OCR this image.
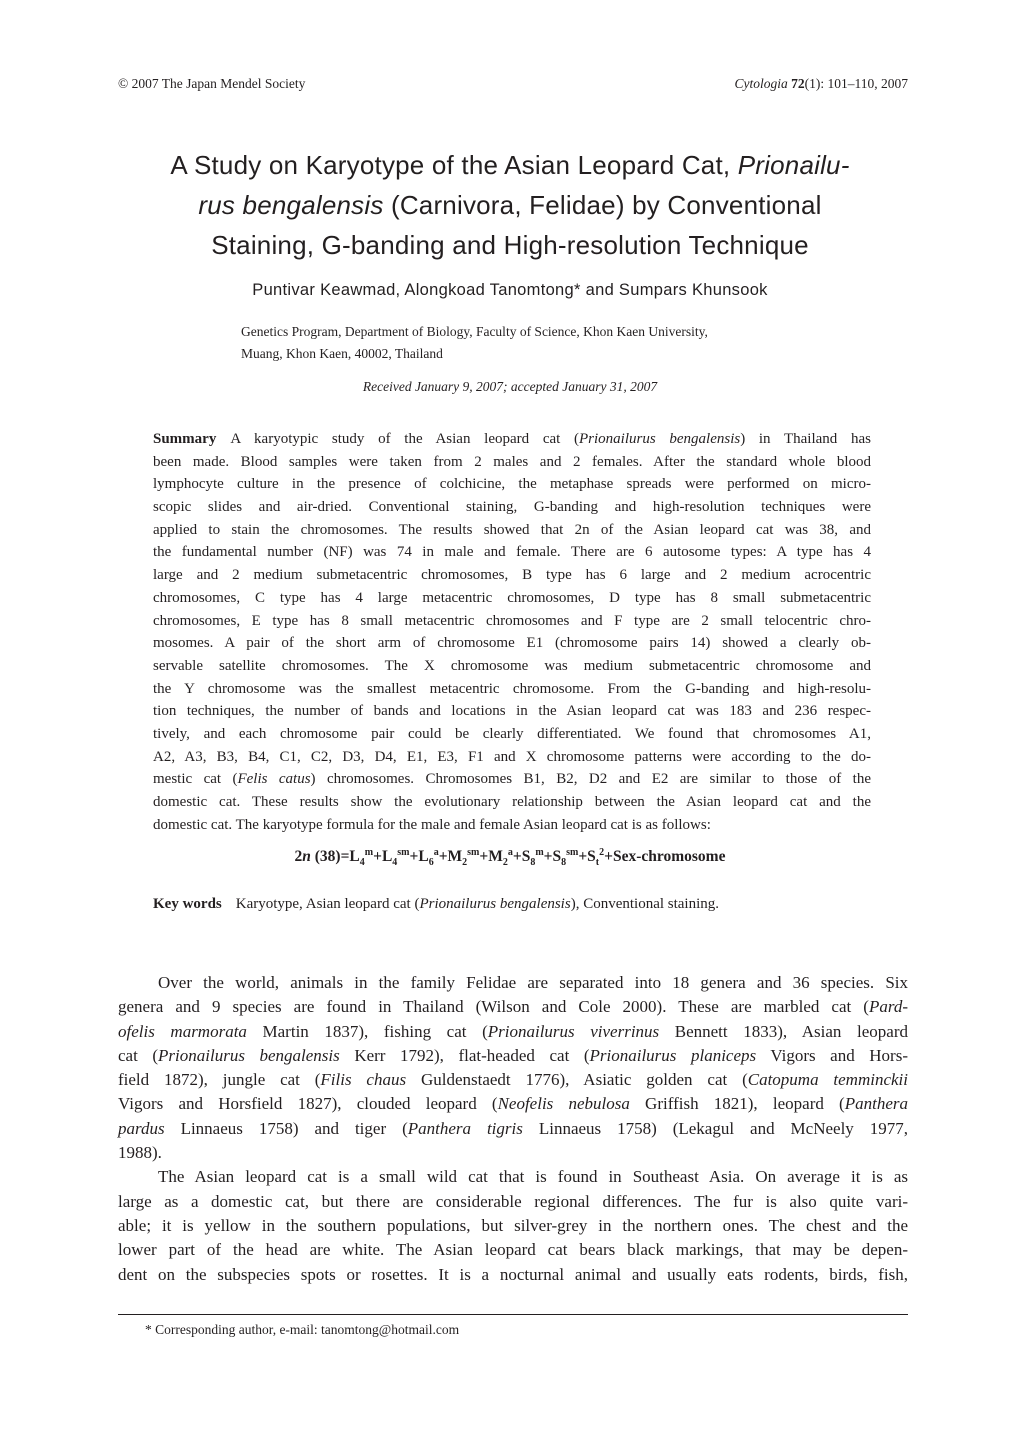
© 2007 The Japan Mendel Society	Cytologia 72(1): 101–110, 2007
A Study on Karyotype of the Asian Leopard Cat, Prionailu-
rus bengalensis (Carnivora, Felidae) by Conventional
Staining, G-banding and High-resolution Technique
Puntivar Keawmad, Alongkoad Tanomtong* and Sumpars Khunsook
Genetics Program, Department of Biology, Faculty of Science, Khon Kaen University,
Muang, Khon Kaen, 40002, Thailand
Received January 9, 2007; accepted January 31, 2007
Summary A karyotypic study of the Asian leopard cat (Prionailurus bengalensis) in Thailand has
been made. Blood samples were taken from 2 males and 2 females. After the standard whole blood
lymphocyte culture in the presence of colchicine, the metaphase spreads were performed on micro-
scopic slides and air-dried. Conventional staining, G-banding and high-resolution techniques were
applied to stain the chromosomes. The results showed that 2n of the Asian leopard cat was 38, and
the fundamental number (NF) was 74 in male and female. There are 6 autosome types: A type has 4
large and 2 medium submetacentric chromosomes, B type has 6 large and 2 medium acrocentric
chromosomes, C type has 4 large metacentric chromosomes, D type has 8 small submetacentric
chromosomes, E type has 8 small metacentric chromosomes and F type are 2 small telocentric chro-
mosomes. A pair of the short arm of chromosome E1 (chromosome pairs 14) showed a clearly ob-
servable satellite chromosomes. The X chromosome was medium submetacentric chromosome and
the Y chromosome was the smallest metacentric chromosome. From the G-banding and high-resolu-
tion techniques, the number of bands and locations in the Asian leopard cat was 183 and 236 respec-
tively, and each chromosome pair could be clearly differentiated. We found that chromosomes A1,
A2, A3, B3, B4, C1, C2, D3, D4, E1, E3, F1 and X chromosome patterns were according to the do-
mestic cat (Felis catus) chromosomes. Chromosomes B1, B2, D2 and E2 are similar to those of the
domestic cat. These results show the evolutionary relationship between the Asian leopard cat and the
domestic cat. The karyotype formula for the male and female Asian leopard cat is as follows:
2n $(38)=L_4^m+L_4^{sm}+L_6^a+M_2^{sm}+M_2^a+S_8^m+S_8^{sm}+S_t^2+Sex$-chromosome
Key words Karyotype, Asian leopard cat (Prionailurus bengalensis), Conventional staining.
Over the world, animals in the family Felidae are separated into 18 genera and 36 species. Six
genera and 9 species are found in Thailand (Wilson and Cole 2000). These are marbled cat (Pard-
ofelis marmorata Martin 1837), fishing cat (Prionailurus viverrinus Bennett 1833), Asian leopard
cat (Prionailurus bengalensis Kerr 1792), flat-headed cat (Prionailurus planiceps Vigors and Hors-
field 1872), jungle cat (Filis chaus Guldenstaedt 1776), Asiatic golden cat (Catopuma temminckii
Vigors and Horsfield 1827), clouded leopard (Neofelis nebulosa Griffish 1821), leopard (Panthera
pardus Linnaeus 1758) and tiger (Panthera tigris Linnaeus 1758) (Lekagul and McNeely 1977,
1988).
The Asian leopard cat is a small wild cat that is found in Southeast Asia. On average it is as
large as a domestic cat, but there are considerable regional differences. The fur is also quite vari-
able; it is yellow in the southern populations, but silver-grey in the northern ones. The chest and the
lower part of the head are white. The Asian leopard cat bears black markings, that may be depen-
dent on the subspecies spots or rosettes. It is a nocturnal animal and usually eats rodents, birds, fish,
* Corresponding author, e-mail: tanomtong@hotmail.com
